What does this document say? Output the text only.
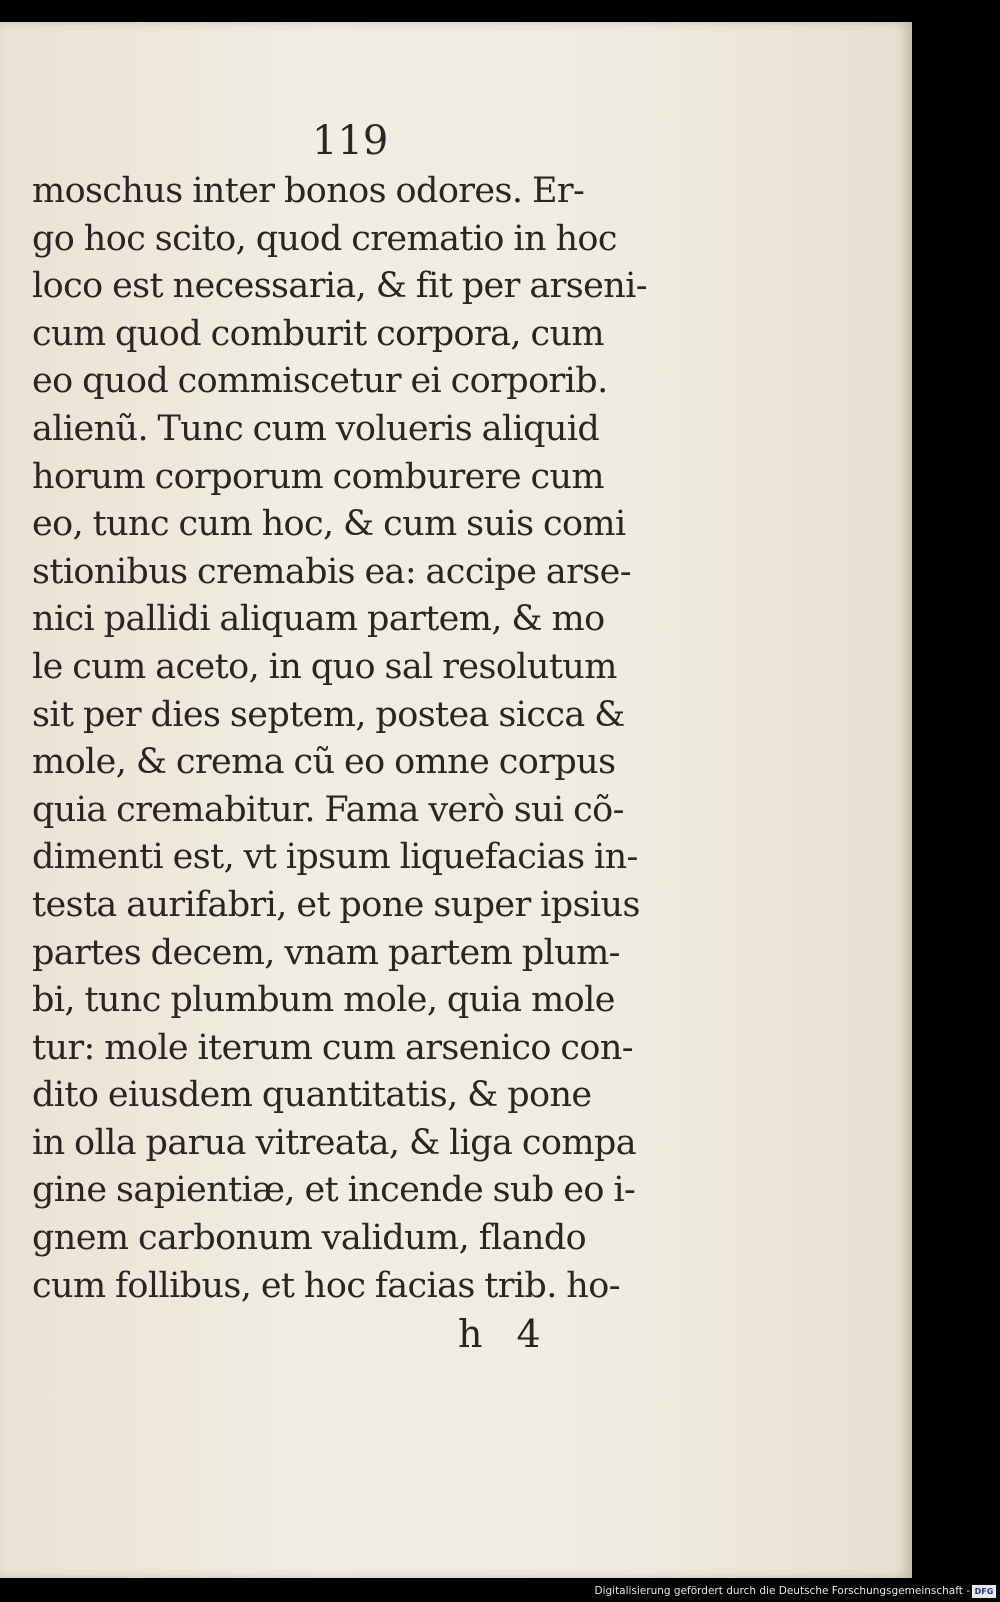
119

moschus inter bonos odores. Er-
go hoc scito, quod crematio in hoc
loco est necessaria, & fit per arseni-
cum quod comburit corpora, cum
eo quod commiscetur ei corporib.
alienũ. Tunc cum volueris aliquid
horum corporum comburere cum
eo, tunc cum hoc, & cum suis comi
stionibus cremabis ea: accipe arse-
nici pallidi aliquam partem, & mo
le cum aceto, in quo sal resolutum
sit per dies septem, postea sicca &
mole, & crema cũ eo omne corpus
quia cremabitur. Fama verò sui cõ-
dimenti est, vt ipsum liquefacias in-
testa aurifabri, et pone super ipsius
partes decem, vnam partem plum-
bi, tunc plumbum mole, quia mole
tur: mole iterum cum arsenico con-
dito eiusdem quantitatis, & pone
in olla parua vitreata, & liga compa
gine sapientiæ, et incende sub eo i-
gnem carbonum validum, flando
cum follibus, et hoc facias trib. ho-

h 4

Digitalisierung gefördert durch die Deutsche Forschungsgemeinschaft - DFG
